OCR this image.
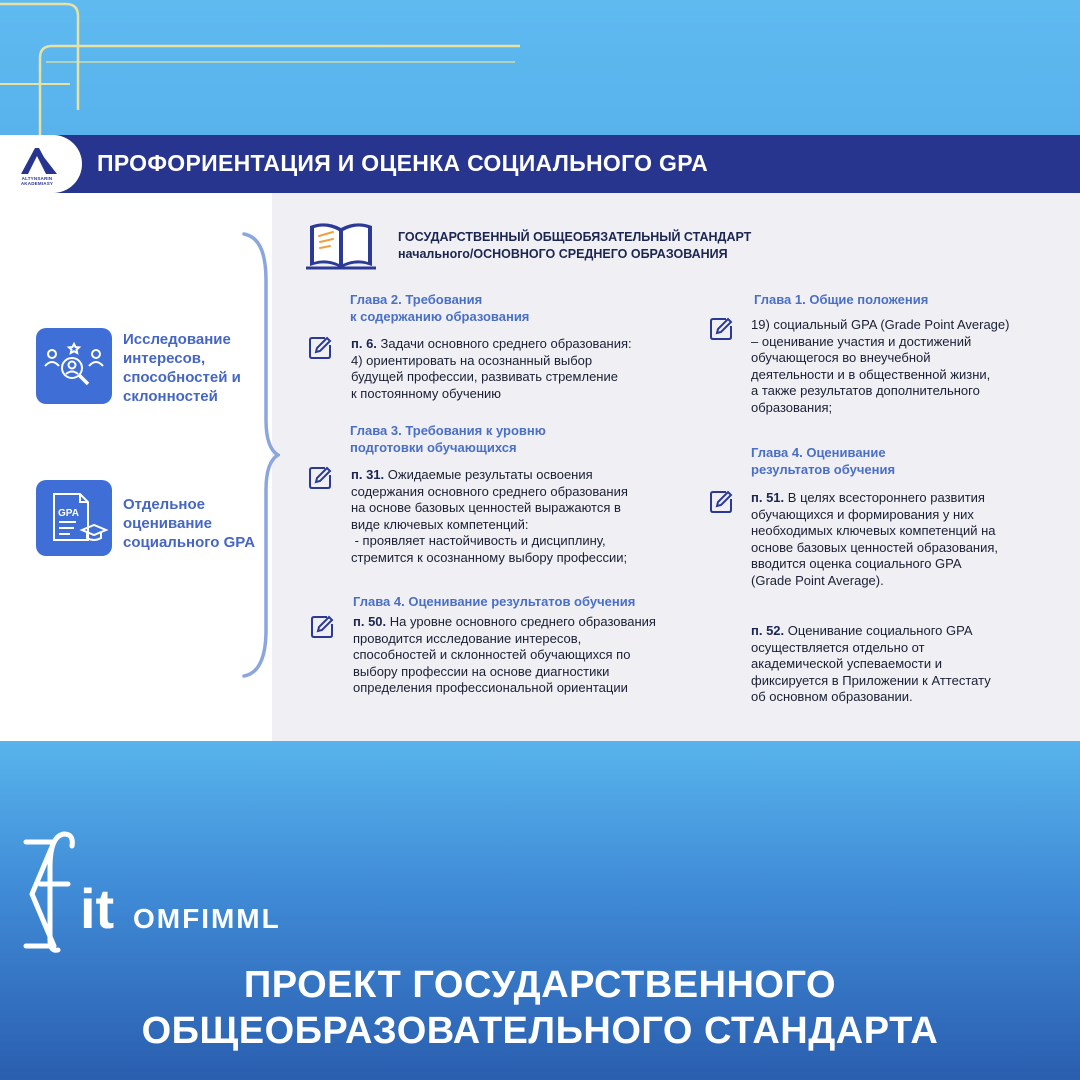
ALTYNSARIN
AKADEMIASY
ПРОФОРИЕНТАЦИЯ И ОЦЕНКА СОЦИАЛЬНОГО GPA
Исследование
интересов,
способностей и
склонностей
GPA
Отдельное
оценивание
социального GPA
ГОСУДАРСТВЕННЫЙ ОБЩЕОБЯЗАТЕЛЬНЫЙ СТАНДАРТ
начального/ОСНОВНОГО СРЕДНЕГО ОБРАЗОВАНИЯ
Глава 2. Требования
к содержанию образования
п. 6. Задачи основного среднего образования:
4) ориентировать на осознанный выбор
будущей профессии, развивать стремление
к постоянному обучению
Глава 3. Требования к уровню
подготовки обучающихся
п. 31. Ожидаемые результаты освоения
содержания основного среднего образования
на основе базовых ценностей выражаются в
виде ключевых компетенций:
- проявляет настойчивость и дисциплину,
стремится к осознанному выбору профессии;
Глава 4. Оценивание результатов обучения
п. 50. На уровне основного среднего образования
проводится исследование интересов,
способностей и склонностей обучающихся по
выбору профессии на основе диагностики
определения профессиональной ориентации
Глава 1. Общие положения
19) социальный GPA (Grade Point Average)
– оценивание участия и достижений
обучающегося во внеучебной
деятельности и в общественной жизни,
а также результатов дополнительного
образования;
Глава 4. Оценивание
результатов обучения
п. 51. В целях всестороннего развития
обучающихся и формирования у них
необходимых ключевых компетенций на
основе базовых ценностей образования,
вводится оценка социального GPA
(Grade Point Average).
п. 52. Оценивание социального GPA
осуществляется отдельно от
академической успеваемости и
фиксируется в Приложении к Аттестату
об основном образовании.
it OMFIMML
ПРОЕКТ ГОСУДАРСТВЕННОГО
ОБЩЕОБРАЗОВАТЕЛЬНОГО СТАНДАРТА
